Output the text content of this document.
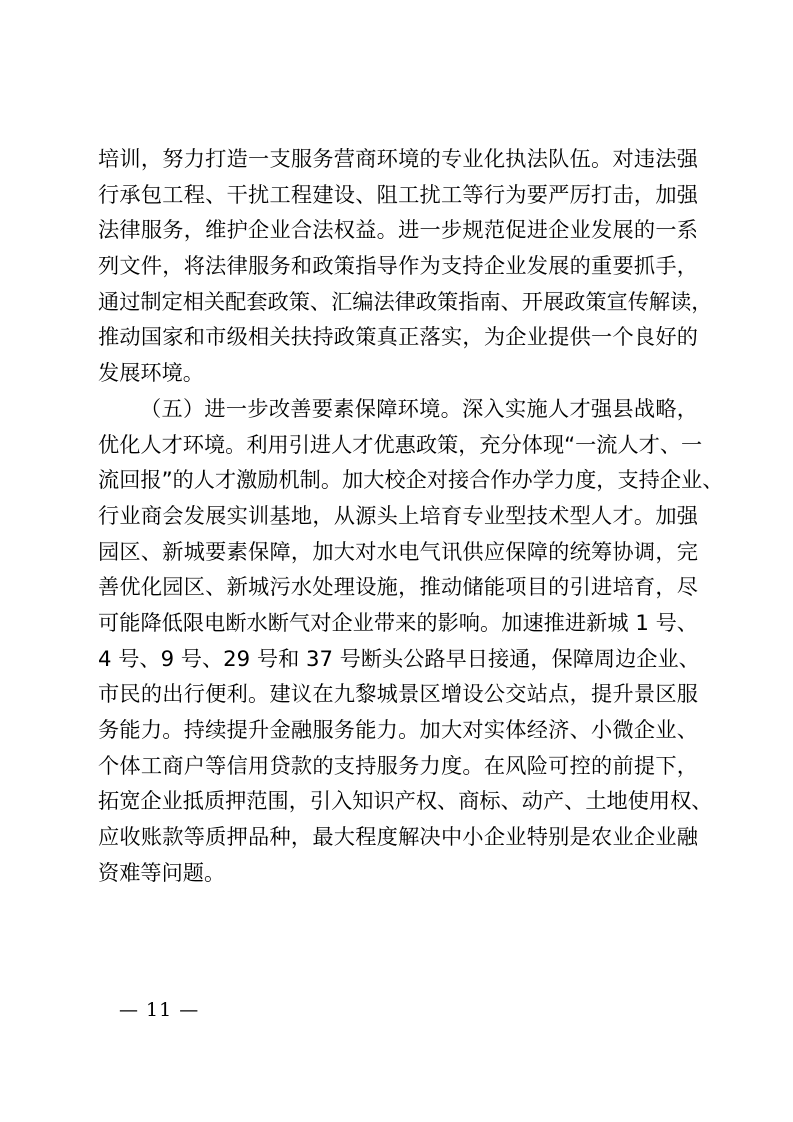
培训，努力打造一支服务营商环境的专业化执法队伍。对违法强
行承包工程、干扰工程建设、阻工扰工等行为要严厉打击，加强
法律服务，维护企业合法权益。进一步规范促进企业发展的一系
列文件，将法律服务和政策指导作为支持企业发展的重要抓手，
通过制定相关配套政策、汇编法律政策指南、开展政策宣传解读，
推动国家和市级相关扶持政策真正落实，为企业提供一个良好的
发展环境。
（五）进一步改善要素保障环境。深入实施人才强县战略，
优化人才环境。利用引进人才优惠政策，充分体现“一流人才、一
流回报”的人才激励机制。加大校企对接合作办学力度，支持企业、
行业商会发展实训基地，从源头上培育专业型技术型人才。加强
园区、新城要素保障，加大对水电气讯供应保障的统筹协调，完
善优化园区、新城污水处理设施，推动储能项目的引进培育，尽
可能降低限电断水断气对企业带来的影响。加速推进新城 1 号、
4 号、9 号、29 号和 37 号断头公路早日接通，保障周边企业、
市民的出行便利。建议在九黎城景区增设公交站点，提升景区服
务能力。持续提升金融服务能力。加大对实体经济、小微企业、
个体工商户等信用贷款的支持服务力度。在风险可控的前提下，
拓宽企业抵质押范围，引入知识产权、商标、动产、土地使用权、
应收账款等质押品种，最大程度解决中小企业特别是农业企业融
资难等问题。
— 11 —
